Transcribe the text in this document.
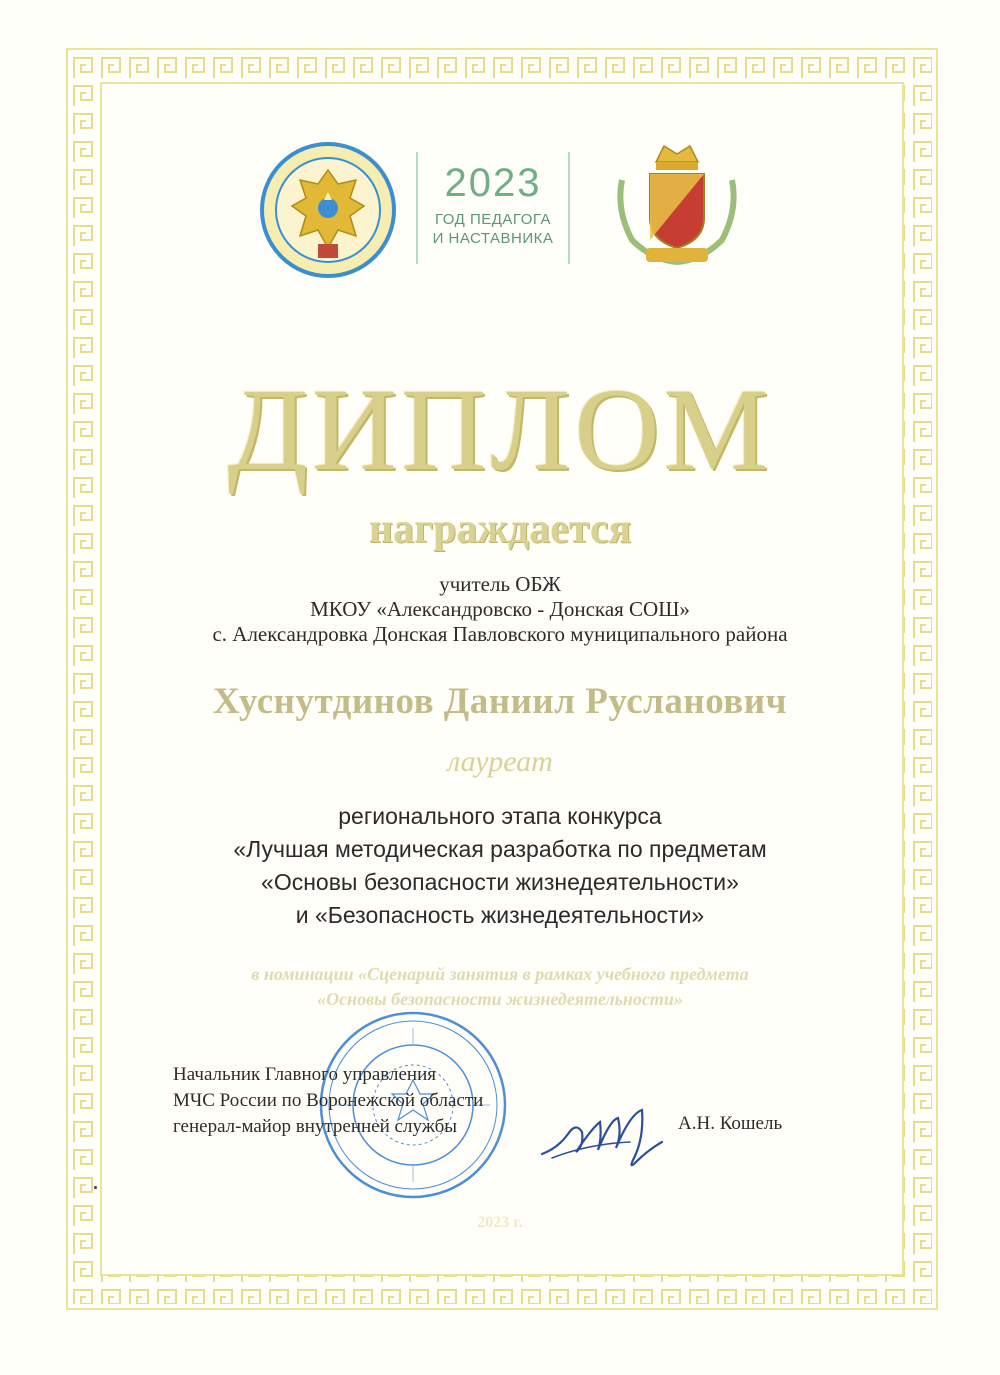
2023
ГОД ПЕДАГОГА
И НАСТАВНИКА
ДИПЛОМ
награждается
учитель ОБЖ
МКОУ «Александровско - Донская СОШ»
с. Александровка Донская Павловского муниципального района
Хуснутдинов Даниил Русланович
лауреат
регионального этапа конкурса
«Лучшая методическая разработка по предметам
«Основы безопасности жизнедеятельности»
и «Безопасность жизнедеятельности»
в номинации «Сценарий занятия в рамках учебного предмета
«Основы безопасности жизнедеятельности»
Начальник Главного управления
МЧС России по Воронежской области
генерал-майор внутренней службы	А.Н. Кошель
2023 г.
